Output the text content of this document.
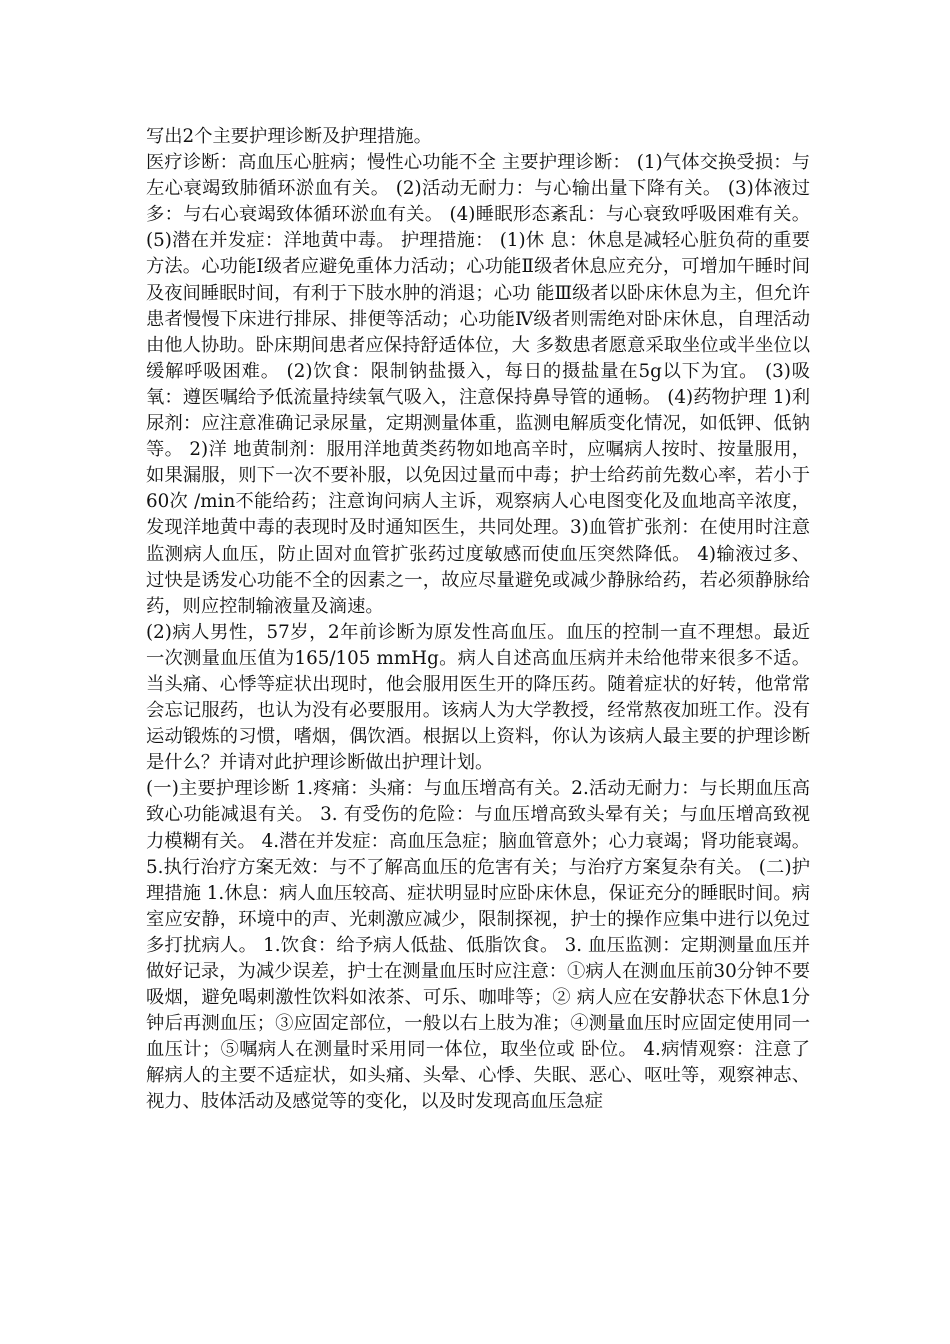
写出2个主要护理诊断及护理措施。

医疗诊断：高血压心脏病；慢性心功能不全 主要护理诊断： (1)气体交换受损：与左心衰竭致肺循环淤血有关。 (2)活动无耐力：与心输出量下降有关。 (3)体液过多：与右心衰竭致体循环淤血有关。 (4)睡眠形态紊乱：与心衰致呼吸困难有关。 (5)潜在并发症：洋地黄中毒。 护理措施： (1)休 息：休息是减轻心脏负荷的重要方法。心功能Ⅰ级者应避免重体力活动；心功能Ⅱ级者休息应充分，可增加午睡时间及夜间睡眠时间，有利于下肢水肿的消退；心功 能Ⅲ级者以卧床休息为主，但允许患者慢慢下床进行排尿、排便等活动；心功能Ⅳ级者则需绝对卧床休息，自理活动由他人协助。卧床期间患者应保持舒适体位，大 多数患者愿意采取坐位或半坐位以缓解呼吸困难。 (2)饮食：限制钠盐摄入，每日的摄盐量在5g以下为宜。 (3)吸氧：遵医嘱给予低流量持续氧气吸入，注意保持鼻导管的通畅。 (4)药物护理 1)利尿剂：应注意准确记录尿量，定期测量体重，监测电解质变化情况，如低钾、低钠等。 2)洋 地黄制剂：服用洋地黄类药物如地高辛时，应嘱病人按时、按量服用，如果漏服，则下一次不要补服，以免因过量而中毒；护士给药前先数心率，若小于60次 /min不能给药；注意询问病人主诉，观察病人心电图变化及血地高辛浓度，发现洋地黄中毒的表现时及时通知医生，共同处理。3)血管扩张剂：在使用时注意监测病人血压，防止固对血管扩张药过度敏感而使血压突然降低。 4)输液过多、过快是诱发心功能不全的因素之一，故应尽量避免或减少静脉给药，若必须静脉给药，则应控制输液量及滴速。

(2)病人男性，57岁，2年前诊断为原发性高血压。血压的控制一直不理想。最近一次测量血压值为165/105 mmHg。病人自述高血压病并未给他带来很多不适。当头痛、心悸等症状出现时，他会服用医生开的降压药。随着症状的好转，他常常会忘记服药，也认为没有必要服用。该病人为大学教授，经常熬夜加班工作。没有运动锻炼的习惯，嗜烟，偶饮酒。根据以上资料，你认为该病人最主要的护理诊断是什么？并请对此护理诊断做出护理计划。

(一)主要护理诊断 1.疼痛：头痛：与血压增高有关。2.活动无耐力：与长期血压高致心功能减退有关。 3. 有受伤的危险：与血压增高致头晕有关；与血压增高致视力模糊有关。 4.潜在并发症：高血压急症；脑血管意外；心力衰竭；肾功能衰竭。 5.执行治疗方案无效：与不了解高血压的危害有关；与治疗方案复杂有关。 (二)护理措施 1.休息：病人血压较高、症状明显时应卧床休息，保证充分的睡眠时间。病室应安静，环境中的声、光刺激应减少，限制探视，护士的操作应集中进行以免过多打扰病人。 1.饮食：给予病人低盐、低脂饮食。 3. 血压监测：定期测量血压并做好记录，为减少误差，护士在测量血压时应注意：①病人在测血压前30分钟不要吸烟，避免喝刺激性饮料如浓茶、可乐、咖啡等；② 病人应在安静状态下休息1分钟后再测血压；③应固定部位，一般以右上肢为准；④测量血压时应固定使用同一血压计；⑤嘱病人在测量时采用同一体位，取坐位或 卧位。 4.病情观察：注意了解病人的主要不适症状，如头痛、头晕、心悸、失眠、恶心、呕吐等，观察神志、视力、肢体活动及感觉等的变化，以及时发现高血压急症
